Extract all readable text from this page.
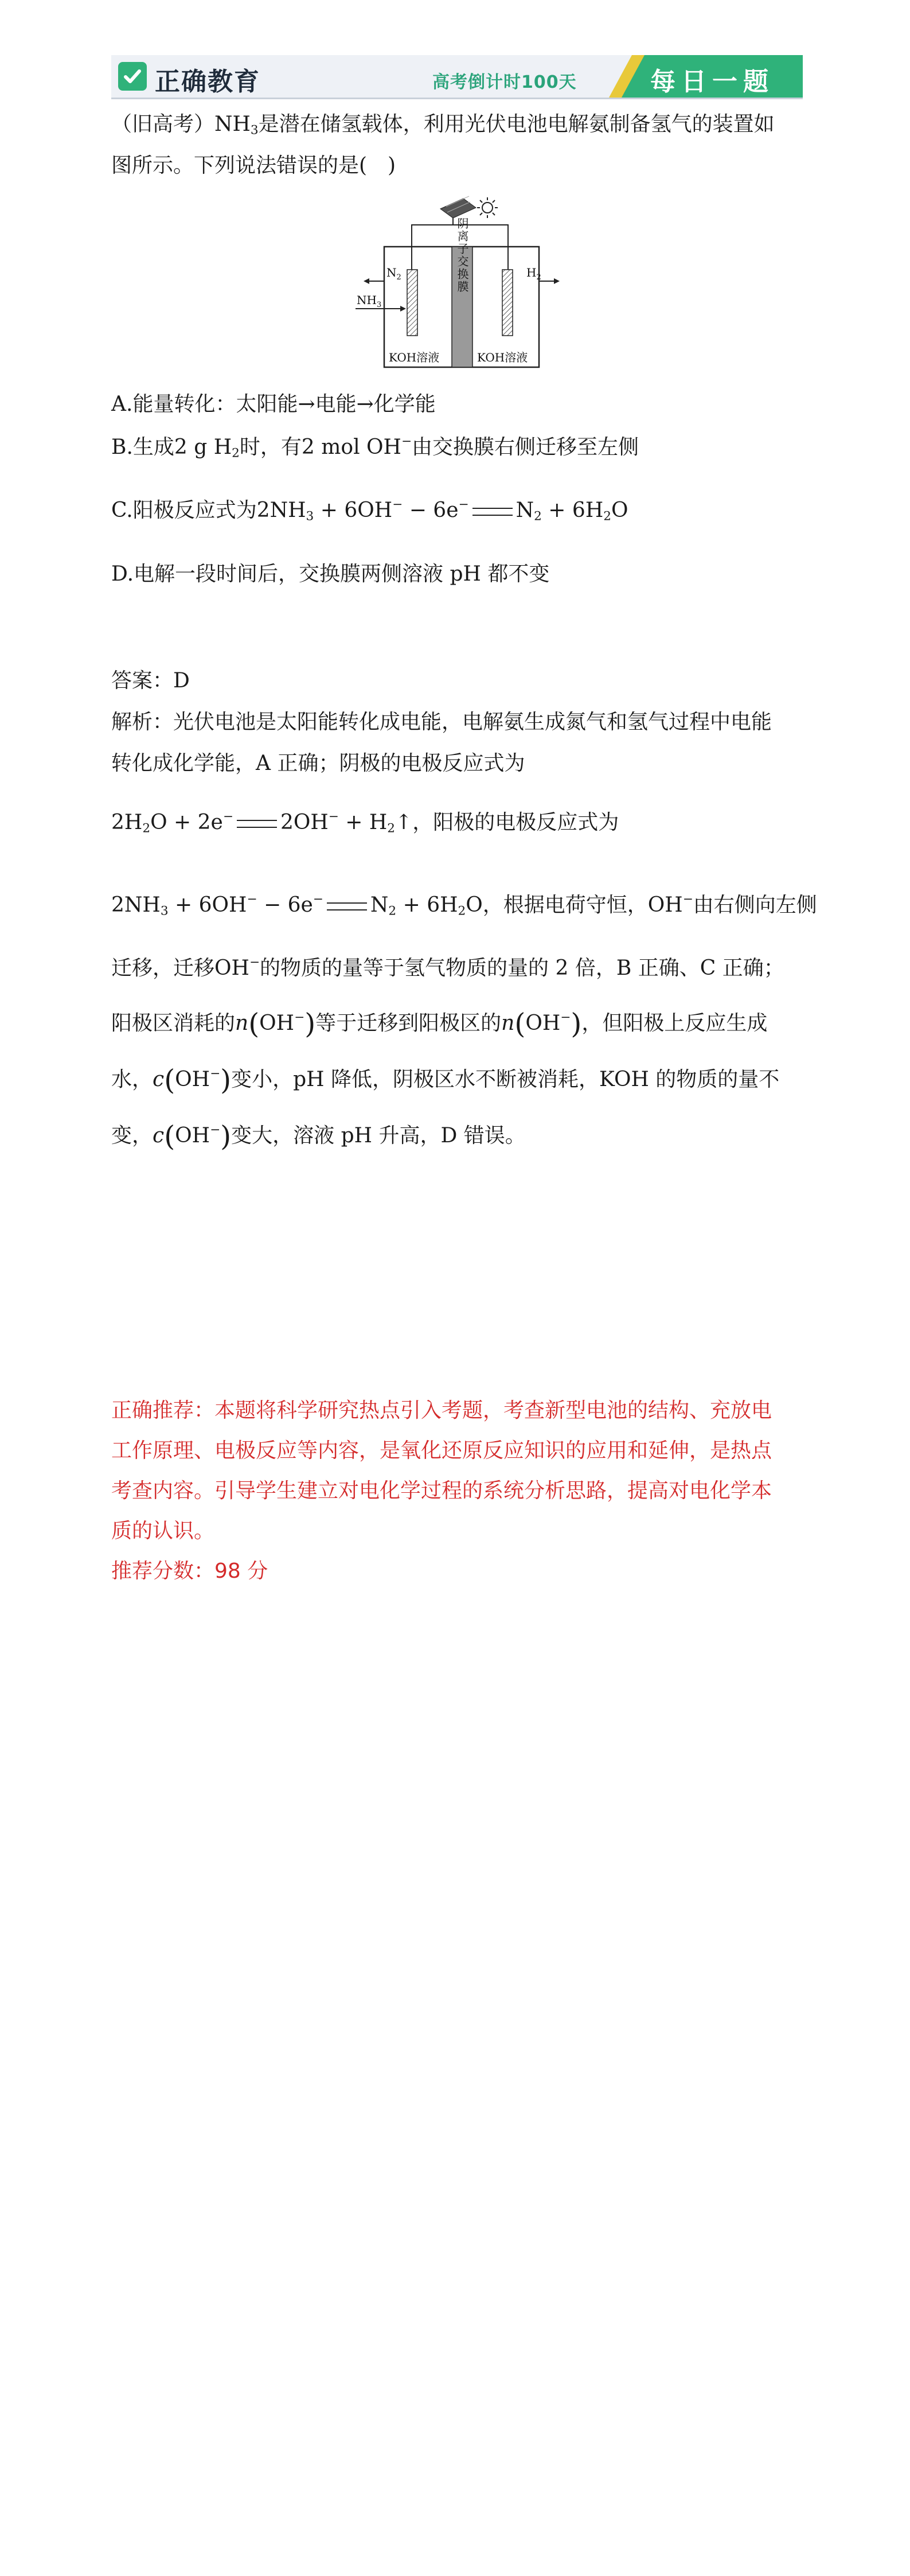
正确教育	高考倒计时100天	每日一题
（旧高考）$NH_3$是潜在储氢载体，利用光伏电池电解氨制备氢气的装置如
图所示。下列说法错误的是(　)
阴离子交换膜
$N_2$
$NH_3$
$H_2$
KOH溶液	KOH溶液
A.能量转化：太阳能→电能→化学能
B.生成2 g $H_2$时，有2 mol OH−由交换膜右侧迁移至左侧
C.阳极反应式为$2NH_3 + 6OH^- - 6e^-$ $N_2 + 6H_2O$
D.电解一段时间后，交换膜两侧溶液 pH 都不变
答案：D
解析：光伏电池是太阳能转化成电能，电解氨生成氮气和氢气过程中电能
转化成化学能，A 正确；阴极的电极反应式为
$2H_2O + 2e^-$ $2OH^- + H_2↑$，阳极的电极反应式为
$2NH_3 + 6OH^- - 6e^-$ $N_2 + 6H_2O$，根据电荷守恒，OH−由右侧向左侧
迁移，迁移OH−的物质的量等于氢气物质的量的 2 倍，B 正确、C 正确；
阳极区消耗的n(OH−)等于迁移到阳极区的n(OH−)，但阳极上反应生成
水，c(OH−)变小，pH 降低，阴极区水不断被消耗，KOH 的物质的量不
变，c(OH−)变大，溶液 pH 升高，D 错误。
正确推荐：本题将科学研究热点引入考题，考查新型电池的结构、充放电
工作原理、电极反应等内容，是氧化还原反应知识的应用和延伸，是热点
考查内容。引导学生建立对电化学过程的系统分析思路，提高对电化学本
质的认识。
推荐分数：98 分
